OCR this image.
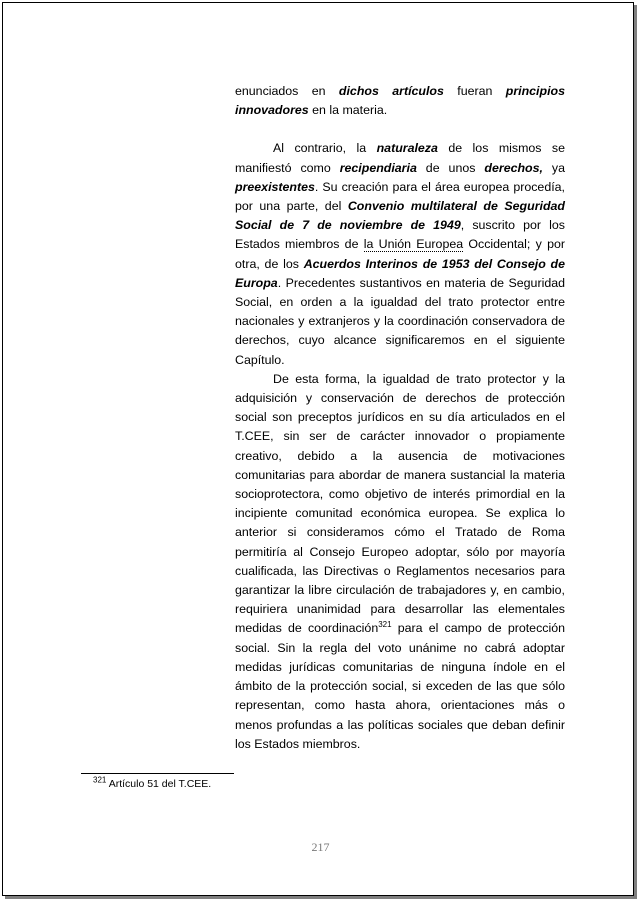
enunciados en dichos artículos fueran principios innovadores en la materia.

Al contrario, la naturaleza de los mismos se manifiestó como recipendiaria de unos derechos, ya preexistentes. Su creación para el área europea procedía, por una parte, del Convenio multilateral de Seguridad Social de 7 de noviembre de 1949, suscrito por los Estados miembros de la Unión Europea Occidental; y por otra, de los Acuerdos Interinos de 1953 del Consejo de Europa. Precedentes sustantivos en materia de Seguridad Social, en orden a la igualdad del trato protector entre nacionales y extranjeros y la coordinación conservadora de derechos, cuyo alcance significaremos en el siguiente Capítulo.

De esta forma, la igualdad de trato protector y la adquisición y conservación de derechos de protección social son preceptos jurídicos en su día articulados en el T.CEE, sin ser de carácter innovador o propiamente creativo, debido a la ausencia de motivaciones comunitarias para abordar de manera sustancial la materia socioprotectora, como objetivo de interés primordial en la incipiente comunitad económica europea. Se explica lo anterior si consideramos cómo el Tratado de Roma permitiría al Consejo Europeo adoptar, sólo por mayoría cualificada, las Directivas o Reglamentos necesarios para garantizar la libre circulación de trabajadores y, en cambio, requiriera unanimidad para desarrollar las elementales medidas de coordinación$^{321}$ para el campo de protección social. Sin la regla del voto unánime no cabrá adoptar medidas jurídicas comunitarias de ninguna índole en el ámbito de la protección social, si exceden de las que sólo representan, como hasta ahora, orientaciones más o menos profundas a las políticas sociales que deban definir los Estados miembros.

$^{321}$ Artículo 51 del T.CEE.
217
